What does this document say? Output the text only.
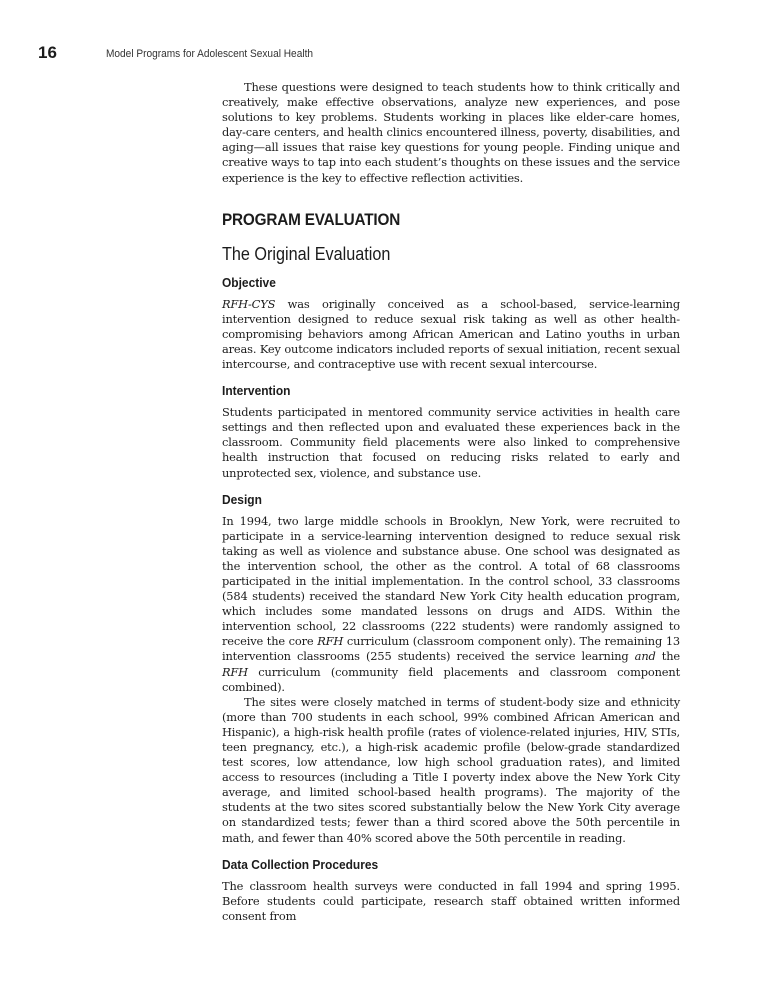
16	Model Programs for Adolescent Sexual Health

These questions were designed to teach students how to think critically and creatively, make effective observations, analyze new experiences, and pose solutions to key problems. Students working in places like elder-care homes, day-care centers, and health clinics encountered illness, poverty, disabilities, and aging—all issues that raise key questions for young people. Finding unique and creative ways to tap into each student’s thoughts on these issues and the service experience is the key to effective reflection activities.

PROGRAM EVALUATION
The Original Evaluation
Objective

RFH-CYS was originally conceived as a school-based, service-learning intervention designed to reduce sexual risk taking as well as other health-compromising behaviors among African American and Latino youths in urban areas. Key outcome indicators included reports of sexual initiation, recent sexual intercourse, and contraceptive use with recent sexual intercourse.

Intervention

Students participated in mentored community service activities in health care settings and then reflected upon and evaluated these experiences back in the classroom. Community field placements were also linked to comprehensive health instruction that focused on reducing risks related to early and unprotected sex, violence, and substance use.

Design

In 1994, two large middle schools in Brooklyn, New York, were recruited to participate in a service-learning intervention designed to reduce sexual risk taking as well as violence and substance abuse. One school was designated as the intervention school, the other as the control. A total of 68 classrooms participated in the initial implementation. In the control school, 33 classrooms (584 students) received the standard New York City health education program, which includes some mandated lessons on drugs and AIDS. Within the intervention school, 22 classrooms (222 students) were randomly assigned to receive the core RFH curriculum (classroom component only). The remaining 13 intervention classrooms (255 students) received the service learning and the RFH curriculum (community field placements and classroom component combined).

The sites were closely matched in terms of student-body size and ethnicity (more than 700 students in each school, 99% combined African American and Hispanic), a high-risk health profile (rates of violence-related injuries, HIV, STIs, teen pregnancy, etc.), a high-risk academic profile (below-grade standardized test scores, low attendance, low high school graduation rates), and limited access to resources (including a Title I poverty index above the New York City average, and limited school-based health programs). The majority of the students at the two sites scored substantially below the New York City average on standardized tests; fewer than a third scored above the 50th percentile in math, and fewer than 40% scored above the 50th percentile in reading.

Data Collection Procedures

The classroom health surveys were conducted in fall 1994 and spring 1995. Before students could participate, research staff obtained written informed consent from
